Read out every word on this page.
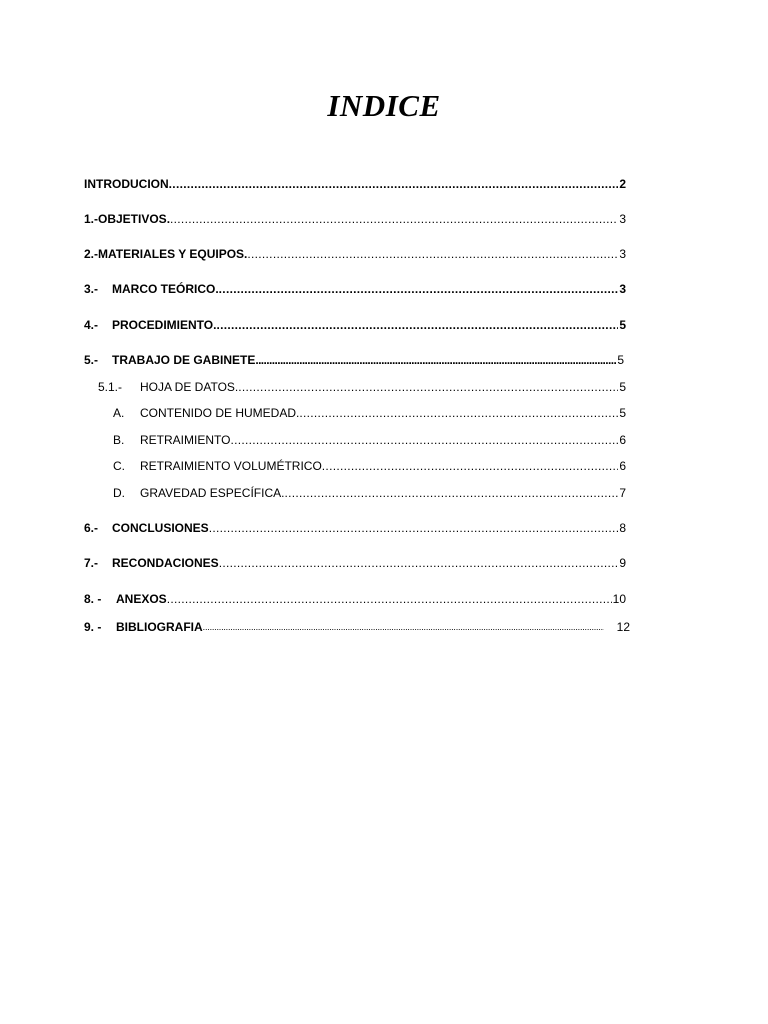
INDICE
INTRODUCION .....	2
1.-OBJETIVOS. .....	3
2.-MATERIALES Y EQUIPOS. .....	3
3.-	MARCO TEÓRICO. .....	3
4.-	PROCEDIMIENTO. .....	5
5.-	TRABAJO DE GABINETE .....	5
5.1.-	HOJA DE DATOS. .....	5
A.	CONTENIDO DE HUMEDAD. .....	5
B.	RETRAIMIENTO .....	6
C.	RETRAIMIENTO VOLUMÉTRICO .....	6
D.	GRAVEDAD ESPECÍFICA. .....	7
6.-	CONCLUSIONES .....	8
7.-	RECONDACIONES .....	9
8. -	ANEXOS .....	10
9. -	BIBLIOGRAFIA .....	12
